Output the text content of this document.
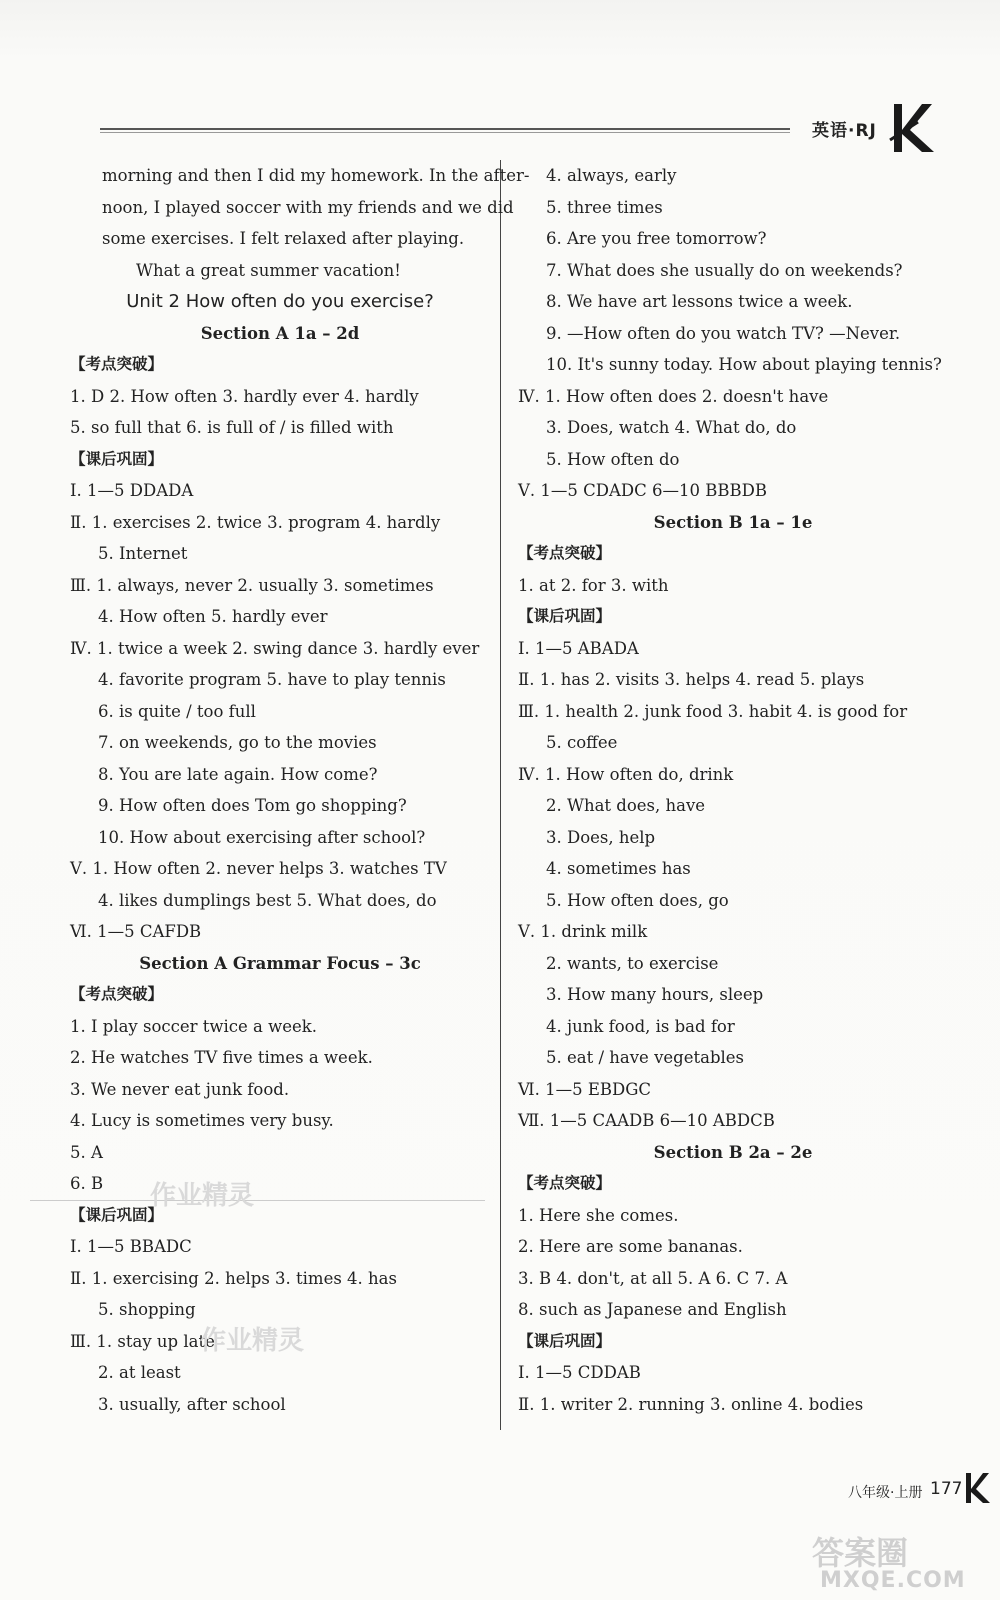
英语·RJ
morning and then I did my homework. In the after-
noon, I played soccer with my friends and we did
some exercises. I felt relaxed after playing.
What a great summer vacation!
Unit 2 How often do you exercise?
Section A 1a – 2d
【考点突破】
1. D 2. How often 3. hardly ever 4. hardly
5. so full that 6. is full of / is filled with
【课后巩固】
Ⅰ. 1—5 DDADA
Ⅱ. 1. exercises 2. twice 3. program 4. hardly
5. Internet
Ⅲ. 1. always, never 2. usually 3. sometimes
4. How often 5. hardly ever
Ⅳ. 1. twice a week 2. swing dance 3. hardly ever
4. favorite program 5. have to play tennis
6. is quite / too full
7. on weekends, go to the movies
8. You are late again. How come?
9. How often does Tom go shopping?
10. How about exercising after school?
Ⅴ. 1. How often 2. never helps 3. watches TV
4. likes dumplings best 5. What does, do
Ⅵ. 1—5 CAFDB
Section A Grammar Focus – 3c
【考点突破】
1. I play soccer twice a week.
2. He watches TV five times a week.
3. We never eat junk food.
4. Lucy is sometimes very busy.
5. A
6. B
【课后巩固】
Ⅰ. 1—5 BBADC
Ⅱ. 1. exercising 2. helps 3. times 4. has
5. shopping
Ⅲ. 1. stay up late
2. at least
3. usually, after school
4. always, early
5. three times
6. Are you free tomorrow?
7. What does she usually do on weekends?
8. We have art lessons twice a week.
9. —How often do you watch TV? —Never.
10. It's sunny today. How about playing tennis?
Ⅳ. 1. How often does 2. doesn't have
3. Does, watch 4. What do, do
5. How often do
Ⅴ. 1—5 CDADC 6—10 BBBDB
Section B 1a – 1e
【考点突破】
1. at 2. for 3. with
【课后巩固】
Ⅰ. 1—5 ABADA
Ⅱ. 1. has 2. visits 3. helps 4. read 5. plays
Ⅲ. 1. health 2. junk food 3. habit 4. is good for
5. coffee
Ⅳ. 1. How often do, drink
2. What does, have
3. Does, help
4. sometimes has
5. How often does, go
Ⅴ. 1. drink milk
2. wants, to exercise
3. How many hours, sleep
4. junk food, is bad for
5. eat / have vegetables
Ⅵ. 1—5 EBDGC
Ⅶ. 1—5 CAADB 6—10 ABDCB
Section B 2a – 2e
【考点突破】
1. Here she comes.
2. Here are some bananas.
3. B 4. don't, at all 5. A 6. C 7. A
8. such as Japanese and English
【课后巩固】
Ⅰ. 1—5 CDDAB
Ⅱ. 1. writer 2. running 3. online 4. bodies
作业精灵
作业精灵
答案圈
MXQE.COM
八年级·上册 177
